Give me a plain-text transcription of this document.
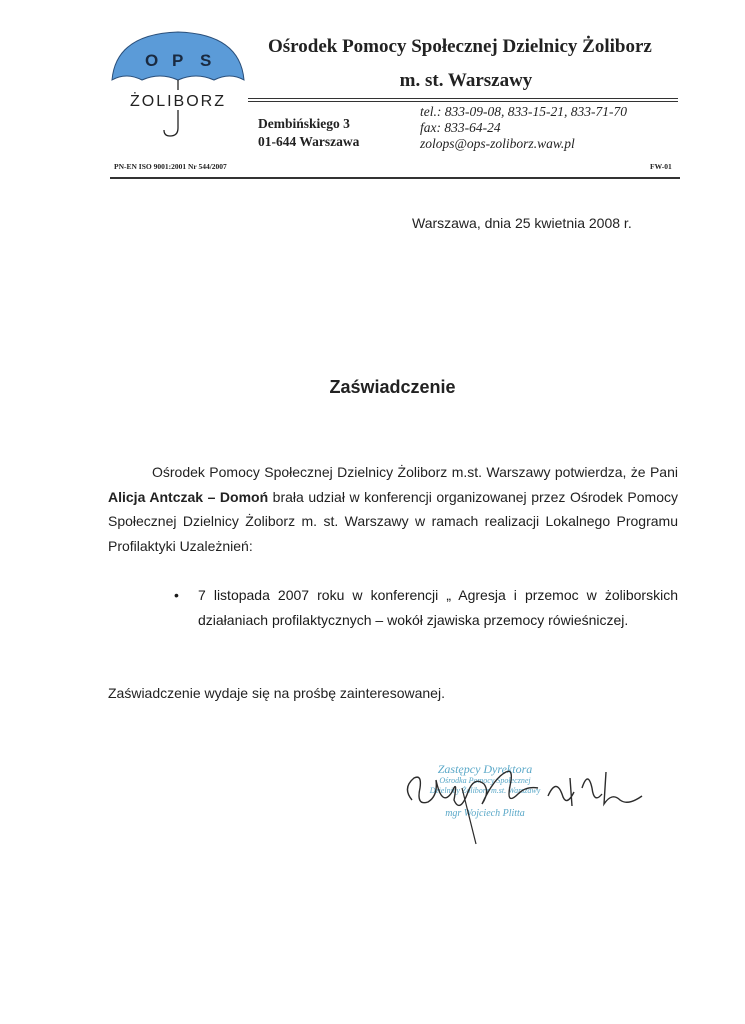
O P S
ŻOLIBORZ
Ośrodek Pomocy Społecznej Dzielnicy Żoliborz
m. st. Warszawy
Dembińskiego 3
01-644 Warszawa
tel.: 833-09-08, 833-15-21, 833-71-70
fax: 833-64-24
zolops@ops-zoliborz.waw.pl
PN-EN ISO 9001:2001 Nr 544/2007	FW-01
Warszawa, dnia 25 kwietnia 2008 r.
Zaświadczenie
Ośrodek Pomocy Społecznej Dzielnicy Żoliborz m.st. Warszawy potwierdza, że Pani Alicja Antczak – Domoń brała udział w konferencji organizowanej przez Ośrodek Pomocy Społecznej Dzielnicy Żoliborz m. st. Warszawy w ramach realizacji Lokalnego Programu Profilaktyki Uzależnień:
• 7 listopada 2007 roku w konferencji „ Agresja i przemoc w żoliborskich działaniach profilaktycznych – wokół zjawiska przemocy rówieśniczej.
Zaświadczenie wydaje się na prośbę zainteresowanej.
Zastępcy Dyrektora
Ośrodka Pomocy Społecznej
Dzielnicy Żoliborz m.st. Warszawy
mgr Wojciech Plitta
